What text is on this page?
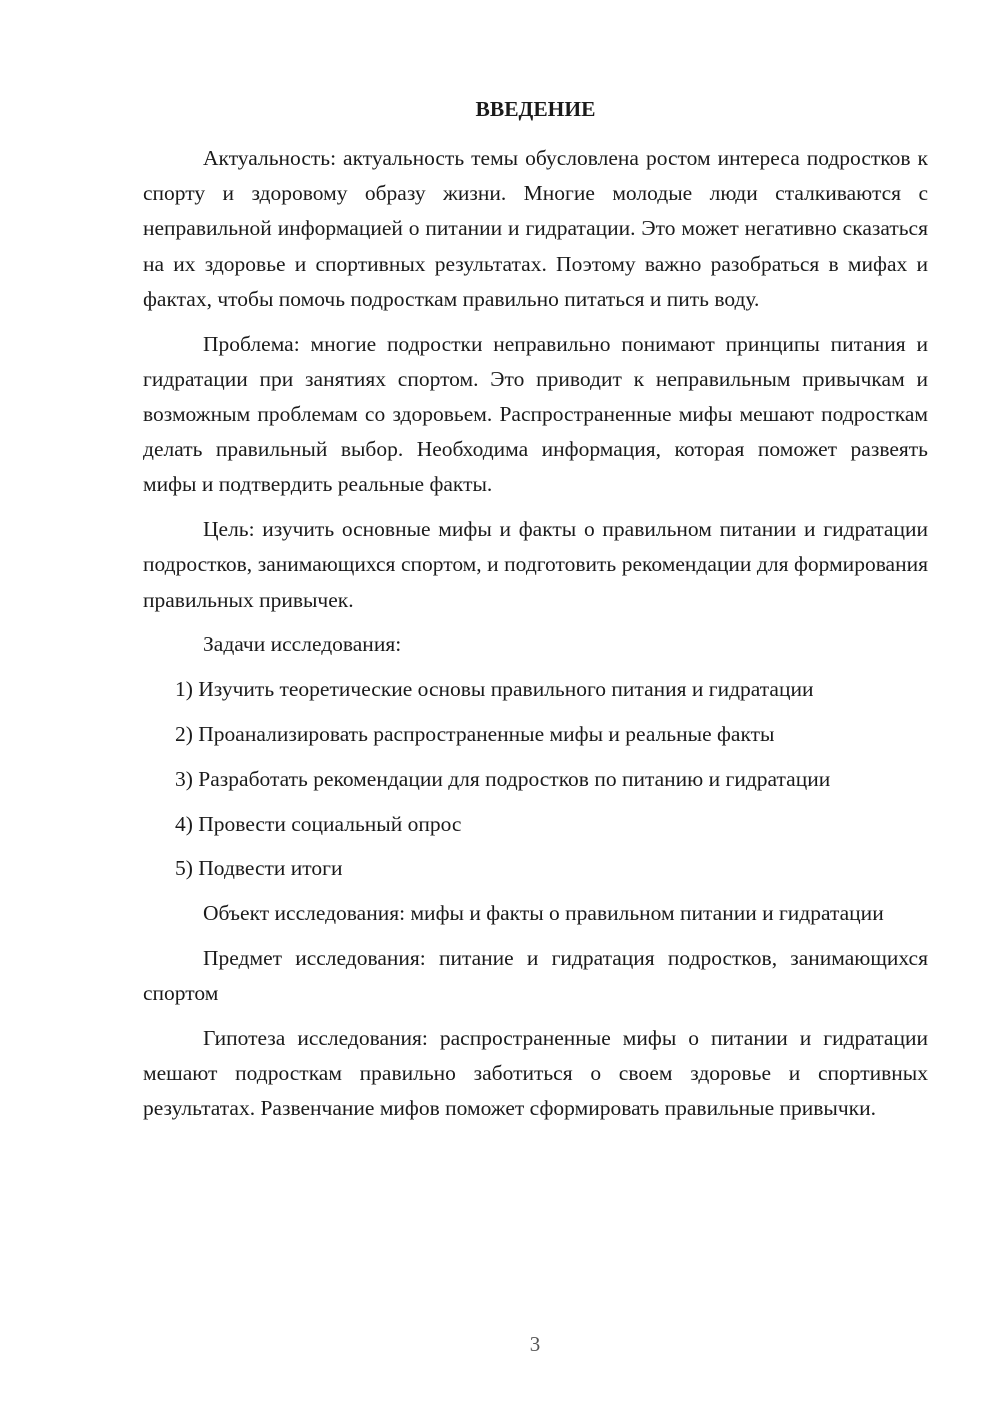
ВВЕДЕНИЕ

Актуальность: актуальность темы обусловлена ростом интереса подростков к спорту и здоровому образу жизни. Многие молодые люди сталкиваются с неправильной информацией о питании и гидратации. Это может негативно сказаться на их здоровье и спортивных результатах. Поэтому важно разобраться в мифах и фактах, чтобы помочь подросткам правильно питаться и пить воду.

Проблема: многие подростки неправильно понимают принципы питания и гидратации при занятиях спортом. Это приводит к неправильным привычкам и возможным проблемам со здоровьем. Распространенные мифы мешают подросткам делать правильный выбор. Необходима информация, которая поможет развеять мифы и подтвердить реальные факты.

Цель: изучить основные мифы и факты о правильном питании и гидратации подростков, занимающихся спортом, и подготовить рекомендации для формирования правильных привычек.

Задачи исследования:

1) Изучить теоретические основы правильного питания и гидратации

2) Проанализировать распространенные мифы и реальные факты

3) Разработать рекомендации для подростков по питанию и гидратации

4) Провести социальный опрос

5) Подвести итоги

Объект исследования: мифы и факты о правильном питании и гидратации

Предмет исследования: питание и гидратация подростков, занимающихся спортом

Гипотеза исследования: распространенные мифы о питании и гидратации мешают подросткам правильно заботиться о своем здоровье и спортивных результатах. Развенчание мифов поможет сформировать правильные привычки.

3
